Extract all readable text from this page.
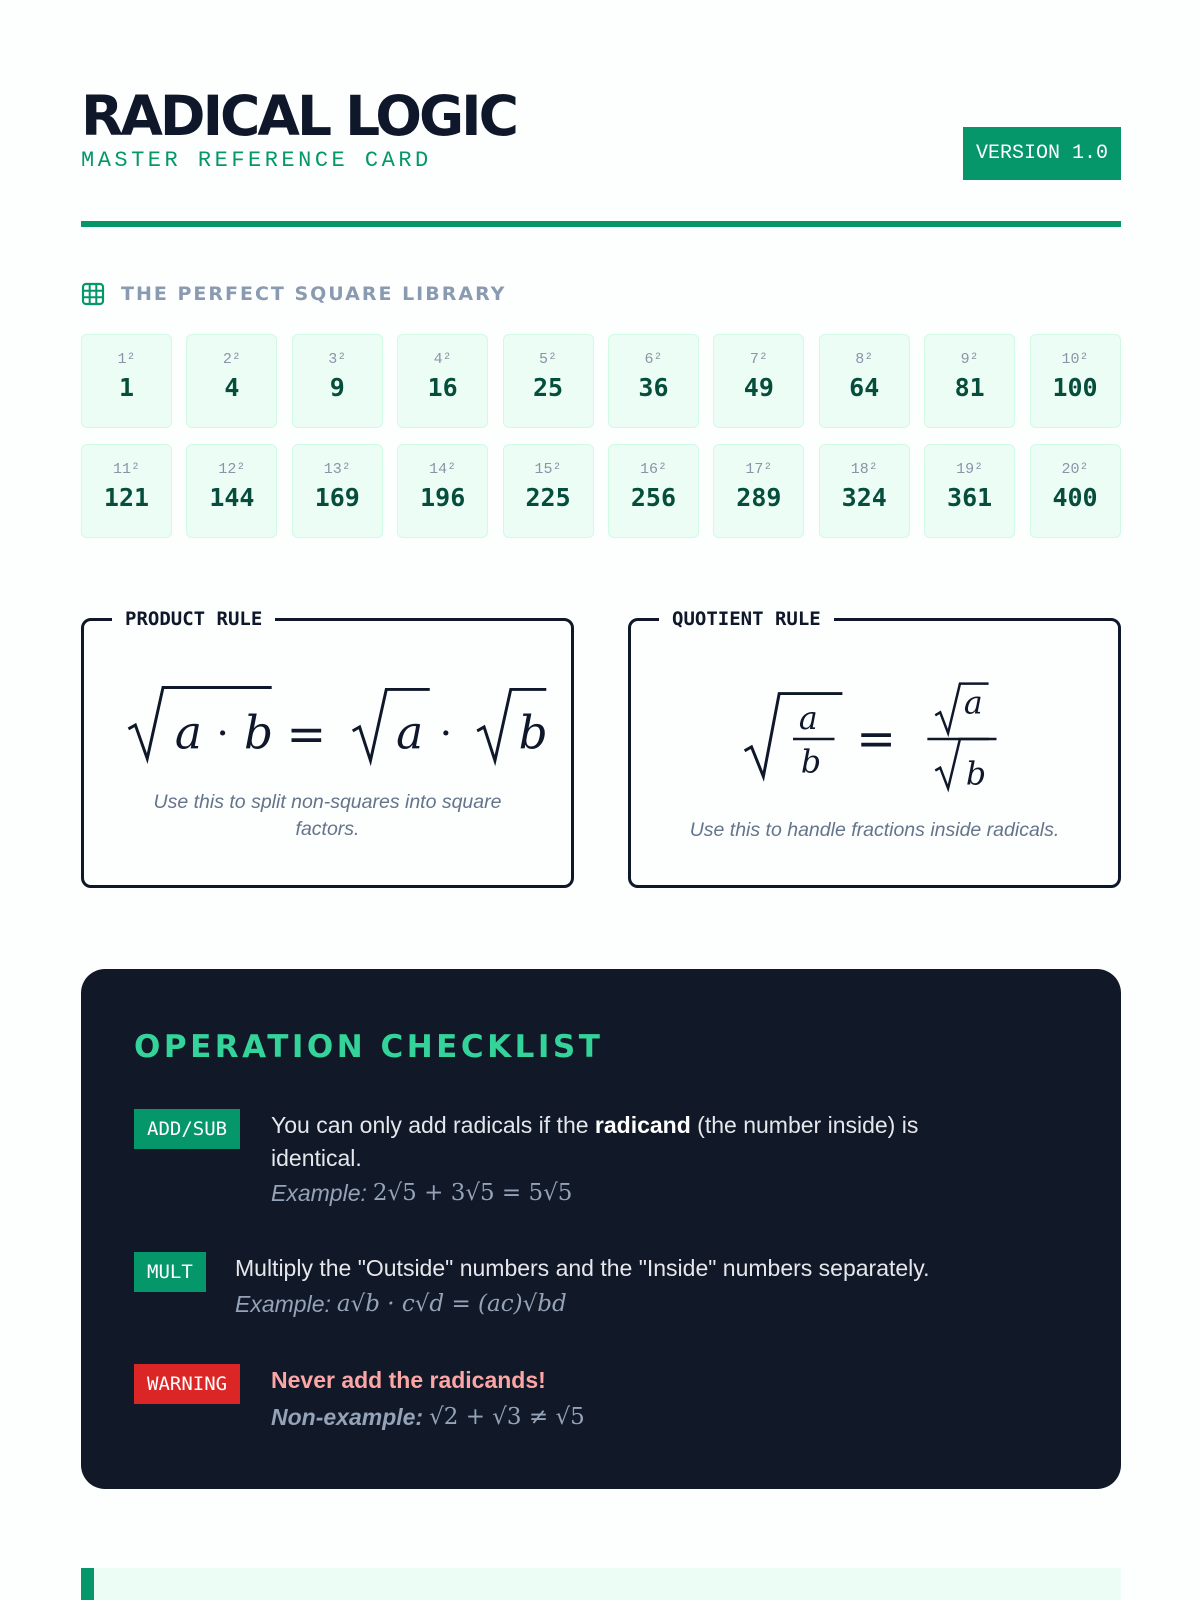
RADICAL LOGIC
MASTER REFERENCE CARD	VERSION 1.0
THE PERFECT SQUARE LIBRARY
1²
1
2²
4
3²
9
4²
16
5²
25
6²
36
7²
49
8²
64
9²
81
10²
100
11²
121
12²
144
13²
169
14²
196
15²
225
16²
256
17²
289
18²
324
19²
361
20²
400
PRODUCT RULE
a · b = a · b
Use this to split non-squares into square factors.
QUOTIENT RULE
a
b =
a
b
Use this to handle fractions inside radicals.
OPERATION CHECKLIST
ADD/SUB	You can only add radicals if the radicand (the number inside) is identical.
Example: 2√5 + 3√5 = 5√5
MULT	Multiply the "Outside" numbers and the "Inside" numbers separately.
Example: a√b · c√d = (ac)√bd
WARNING	Never add the radicands!
Non-example: √2 + √3 ≠ √5
